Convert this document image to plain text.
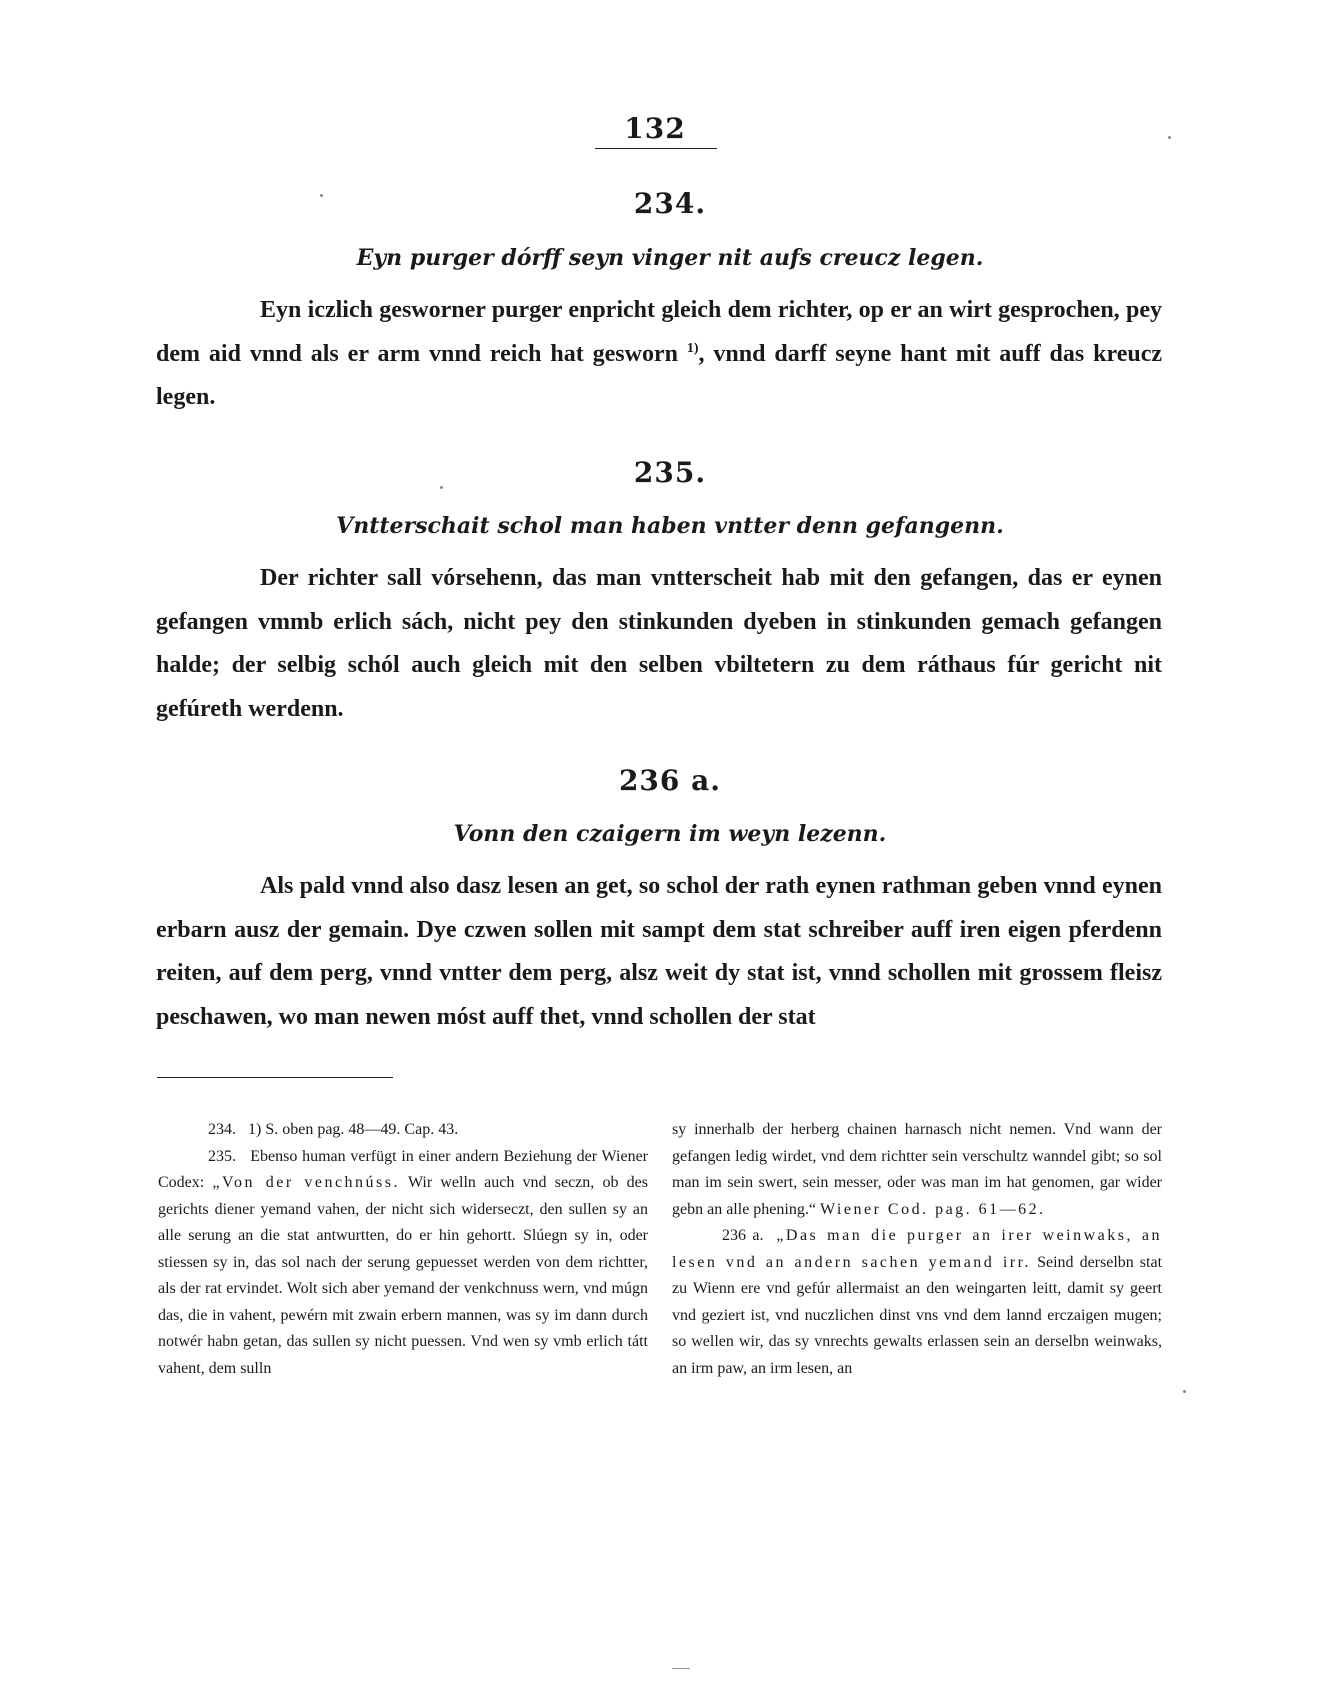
132
234.
Eyn purger dórff seyn vinger nit aufs creucz legen.

Eyn iczlich gesworner purger enpricht gleich dem richter, op er an wirt gesprochen, pey dem aid vnnd als er arm vnnd reich hat gesworn $^{1)}$, vnnd darff seyne hant mit auff das kreucz legen.

235.
Vntterschait schol man haben vntter denn gefangenn.

Der richter sall vórsehenn, das man vntterscheit hab mit den gefangen, das er eynen gefangen vmmb erlich sách, nicht pey den stinkunden dyeben in stinkunden gemach gefangen halde; der selbig schól auch gleich mit den selben vbiltetern zu dem ráthaus fúr gericht nit gefúreth werdenn.

236 a.
Vonn den czaigern im weyn lezenn.

Als pald vnnd also dasz lesen an get, so schol der rath eynen rathman geben vnnd eynen erbarn ausz der gemain. Dye czwen sollen mit sampt dem stat schreiber auff iren eigen pferdenn reiten, auf dem perg, vnnd vntter dem perg, alsz weit dy stat ist, vnnd schollen mit grossem fleisz peschawen, wo man newen móst auff thet, vnnd schollen der stat

234. 1) S. oben pag. 48—49. Cap. 43.

235. Ebenso human verfügt in einer andern Beziehung der Wiener Codex: „Von der venchnúss. Wir welln auch vnd seczn, ob des gerichts diener yemand vahen, der nicht sich widerseczt, den sullen sy an alle serung an die stat antwurtten, do er hin gehortt. Slúegn sy in, oder stiessen sy in, das sol nach der serung gepuesset werden von dem richtter, als der rat ervindet. Wolt sich aber yemand der venkchnuss wern, vnd múgn das, die in vahent, pewérn mit zwain erbern mannen, was sy im dann durch notwér habn getan, das sullen sy nicht puessen. Vnd wen sy vmb erlich tátt vahent, dem sulln

sy innerhalb der herberg chainen harnasch nicht nemen. Vnd wann der gefangen ledig wirdet, vnd dem richtter sein verschultz wanndel gibt; so sol man im sein swert, sein messer, oder was man im hat genomen, gar wider gebn an alle phening.“ Wiener Cod. pag. 61—62.

236 a. „Das man die purger an irer weinwaks, an lesen vnd an andern sachen yemand irr. Seind derselbn stat zu Wienn ere vnd gefúr allermaist an den weingarten leitt, damit sy geert vnd geziert ist, vnd nuczlichen dinst vns vnd dem lannd erczaigen mugen; so wellen wir, das sy vnrechts gewalts erlassen sein an derselbn weinwaks, an irm paw, an irm lesen, an
